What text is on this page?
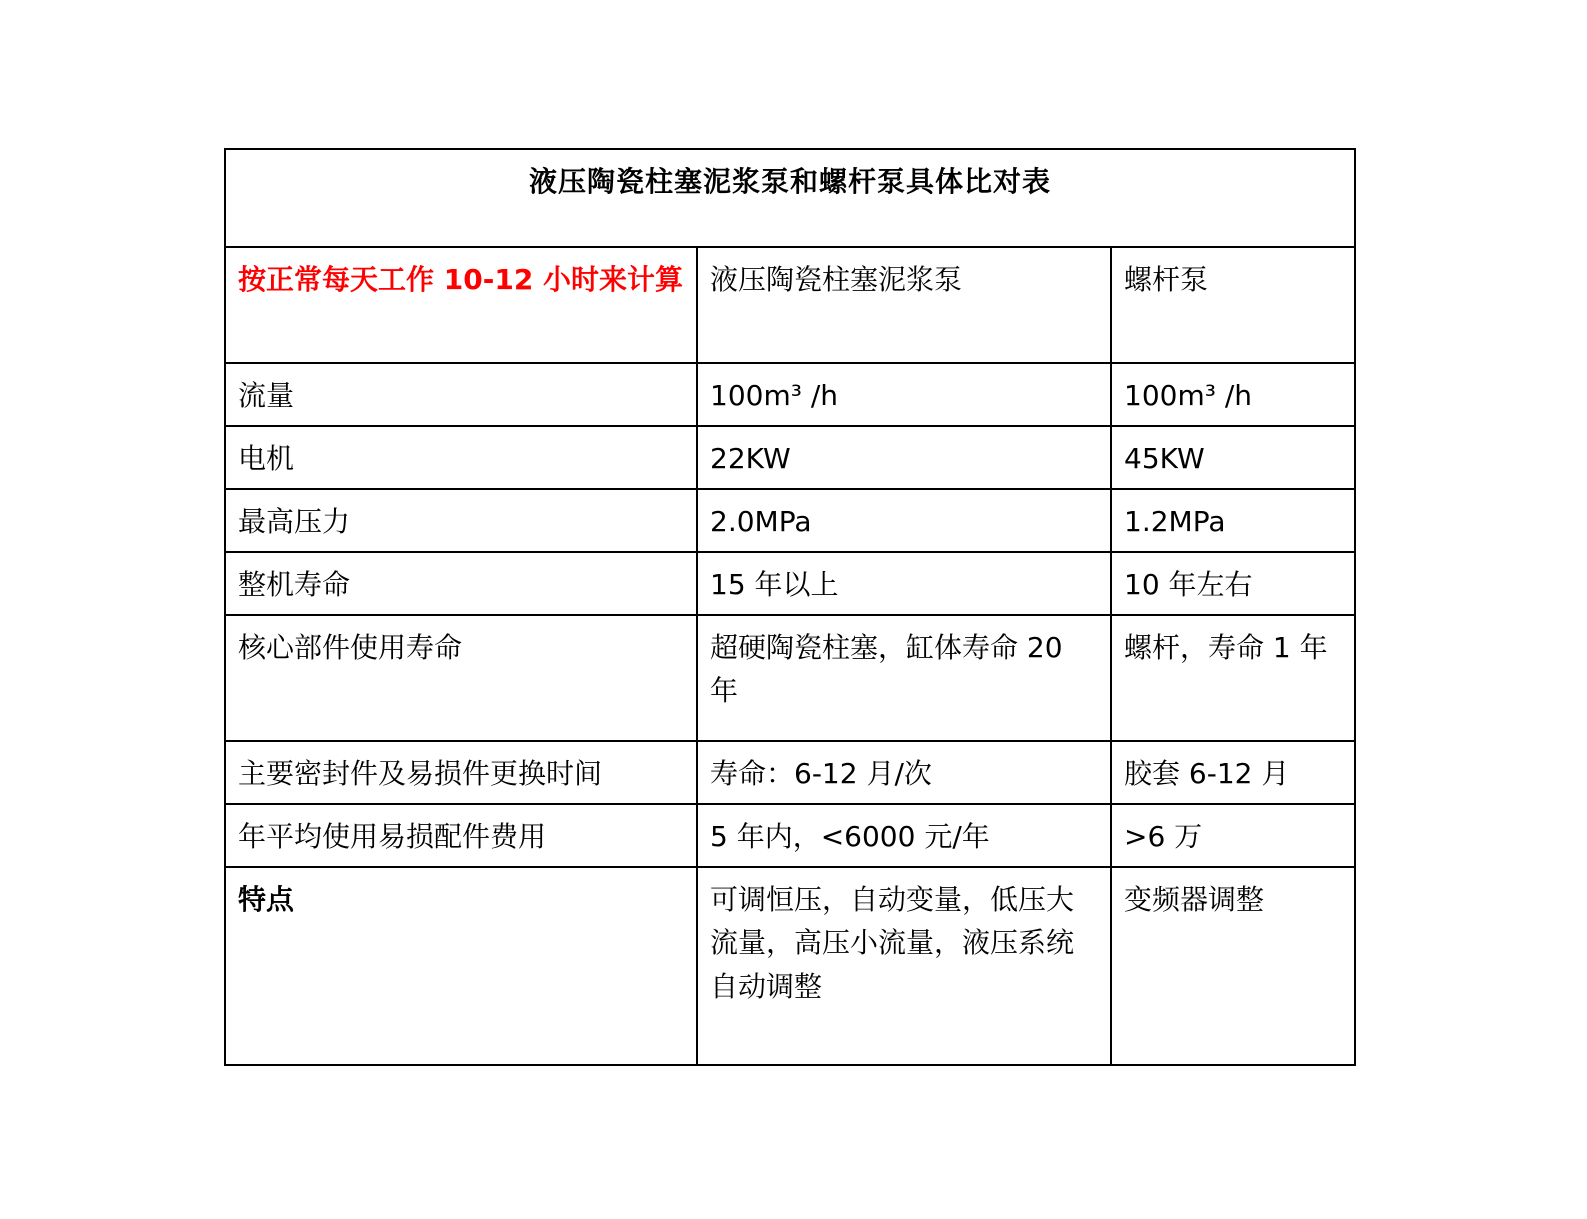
液压陶瓷柱塞泥浆泵和螺杆泵具体比对表		
按正常每天工作 10-12 小时来计算	液压陶瓷柱塞泥浆泵	螺杆泵
流量	100m³ /h	100m³ /h
电机	22KW	45KW
最高压力	2.0MPa	1.2MPa
整机寿命	15 年以上	10 年左右
核心部件使用寿命	超硬陶瓷柱塞，缸体寿命 20 年	螺杆，寿命 1 年
主要密封件及易损件更换时间	寿命：6-12 月/次	胶套 6-12 月
年平均使用易损配件费用	5 年内，<6000 元/年	>6 万
特点	可调恒压，自动变量，低压大流量，高压小流量，液压系统自动调整	变频器调整
